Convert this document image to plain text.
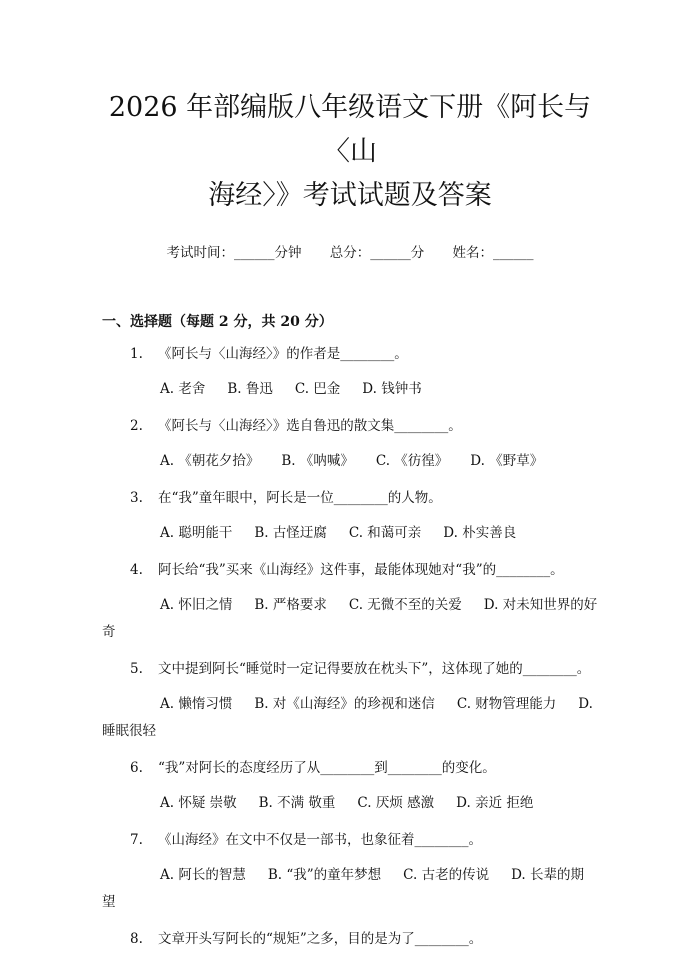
2026 年部编版八年级语文下册《阿长与〈山
海经〉》考试试题及答案
考试时间：______分钟 总分：______分 姓名：______
一、选择题（每题 2 分，共 20 分）
1. 《阿长与〈山海经〉》的作者是________。
A. 老舍 B. 鲁迅 C. 巴金 D. 钱钟书
2. 《阿长与〈山海经〉》选自鲁迅的散文集________。
A. 《朝花夕拾》 B. 《呐喊》 C. 《彷徨》 D. 《野草》
3. 在“我”童年眼中，阿长是一位________的人物。
A. 聪明能干 B. 古怪迂腐 C. 和蔼可亲 D. 朴实善良
4. 阿长给“我”买来《山海经》这件事，最能体现她对“我”的________。
A. 怀旧之情 B. 严格要求 C. 无微不至的关爱 D. 对未知世界的好奇
5. 文中提到阿长“睡觉时一定记得要放在枕头下”，这体现了她的________。
A. 懒惰习惯 B. 对《山海经》的珍视和迷信 C. 财物管理能力 D. 睡眠很轻
6. “我”对阿长的态度经历了从________到________的变化。
A. 怀疑 崇敬 B. 不满 敬重 C. 厌烦 感激 D. 亲近 拒绝
7. 《山海经》在文中不仅是一部书，也象征着________。
A. 阿长的智慧 B. “我”的童年梦想 C. 古老的传说 D. 长辈的期望
8. 文章开头写阿长的“规矩”之多，目的是为了________。
